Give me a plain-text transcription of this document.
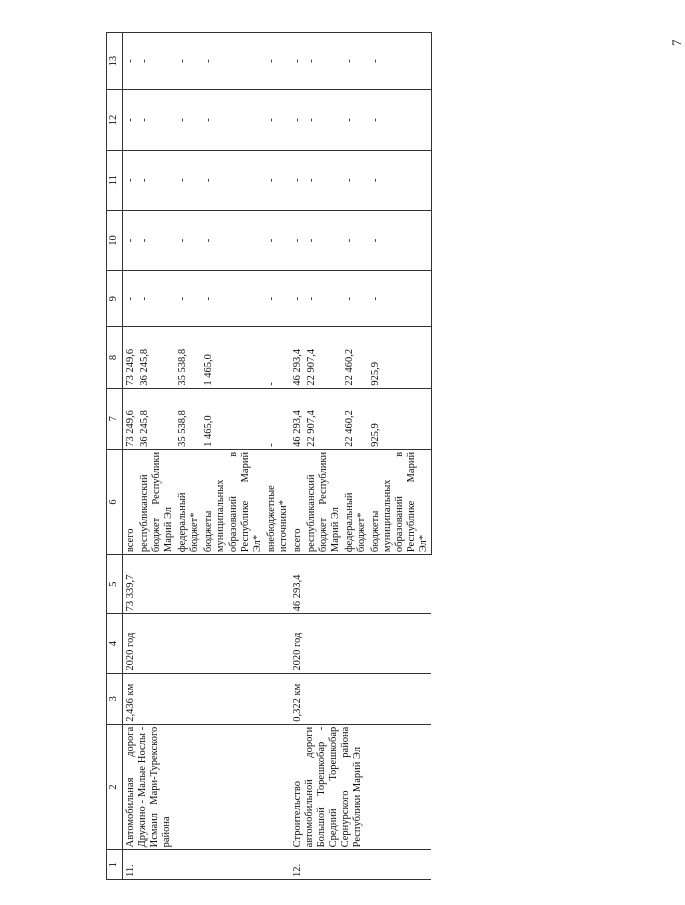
7
1	2	3	4	5	6	7	8	9	10	11	12	13
11.	Автомобильная дорога Дружино - Малые Нослы - Исмаил Мари-Турекского района	2,436 км	2020 год	73 339,7	всего	73 249,6	73 249,6	-	-	-	-	-
					республиканский бюджет Республики Марий Эл	36 245,8	36 245,8	-	-	-	-	-
					федеральный бюджет*	35 538,8	35 538,8	-	-	-	-	-
					бюджеты муниципальных образований в Республике Марий Эл*	1 465,0	1 465,0	-	-	-	-	-
					внебюджетные источники*	-	-	-	-	-	-	-
12.	Строительство автомобильной дороги Большой Торешкобар - Средний Торешкобар Сернурского района Республики Марий Эл	0,322 км	2020 год	46 293,4	всего	46 293,4	46 293,4	-	-	-	-	-
					республиканский бюджет Республики Марий Эл	22 907,4	22 907,4	-	-	-	-	-
					федеральный бюджет*	22 460,2	22 460,2	-	-	-	-	-
					бюджеты муниципальных образований в Республике Марий Эл*	925,9	925,9	-	-	-	-	-
